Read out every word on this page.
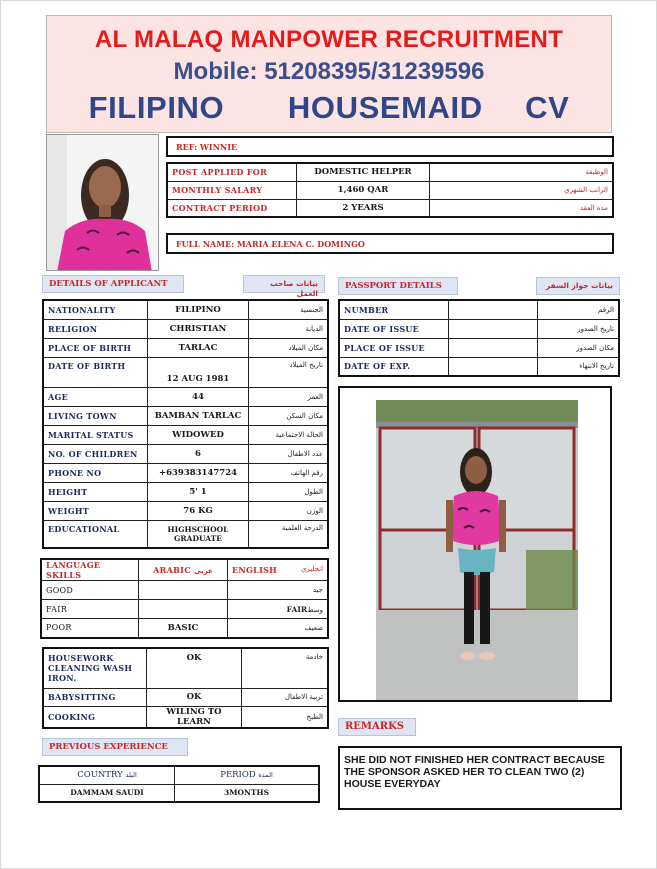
AL MALAQ MANPOWER RECRUITMENT
Mobile: 51208395/31239596
FILIPINO   HOUSEMAID  CV
REF: WINNIE
POST APPLIED FOR	DOMESTIC HELPER	الوظيفة
MONTHLY SALARY	1,460 QAR	الراتب الشهري
CONTRACT PERIOD	2 YEARS	مدة العقد
FULL NAME: MARIA ELENA C. DOMINGO
DETAILS OF APPLICANT	بيانات صاحب العمل
NATIONALITY	FILIPINO	الجنسية
RELIGION	CHRISTIAN	الديانة
PLACE OF BIRTH	TARLAC	مكان الميلاد
DATE OF BIRTH	12 AUG 1981	تاريخ الميلاد
AGE	44	العمر
LIVING TOWN	BAMBAN TARLAC	مكان السكن
MARITAL STATUS	WIDOWED	الحالة الاجتماعية
NO. OF CHILDREN	6	عدد الاطفال
PHONE NO	+639383147724	رقم الهاتف
HEIGHT	5' 1	الطول
WEIGHT	76 KG	الوزن
EDUCATIONAL	HIGHSCHOOL GRADUATE	الدرجة العلمية
PASSPORT DETAILS	بيانات جواز السفر
NUMBER		الرقم
DATE OF ISSUE		تاريخ الصدور
PLACE OF ISSUE		مكان الصدور
DATE OF EXP.		تاريخ الانتهاء
LANGUAGE SKILLS	ARABIC عربي	ENGLISH انجليزي

GOOD		جيد
FAIR		وسطFAIR
POOR	BASIC	ضعيف
HOUSEWORK CLEANING WASH IRON.	OK	خادمة
BABYSITTING	OK	تربية الاطفال
COOKING	WILING TO LEARN	الطبخ
PREVIOUS EXPERIENCE
COUNTRY البلد	PERIOD المدة
DAMMAM SAUDI	3MONTHS
REMARKS
SHE DID NOT FINISHED HER CONTRACT BECAUSE THE SPONSOR ASKED HER TO CLEAN TWO (2) HOUSE EVERYDAY
